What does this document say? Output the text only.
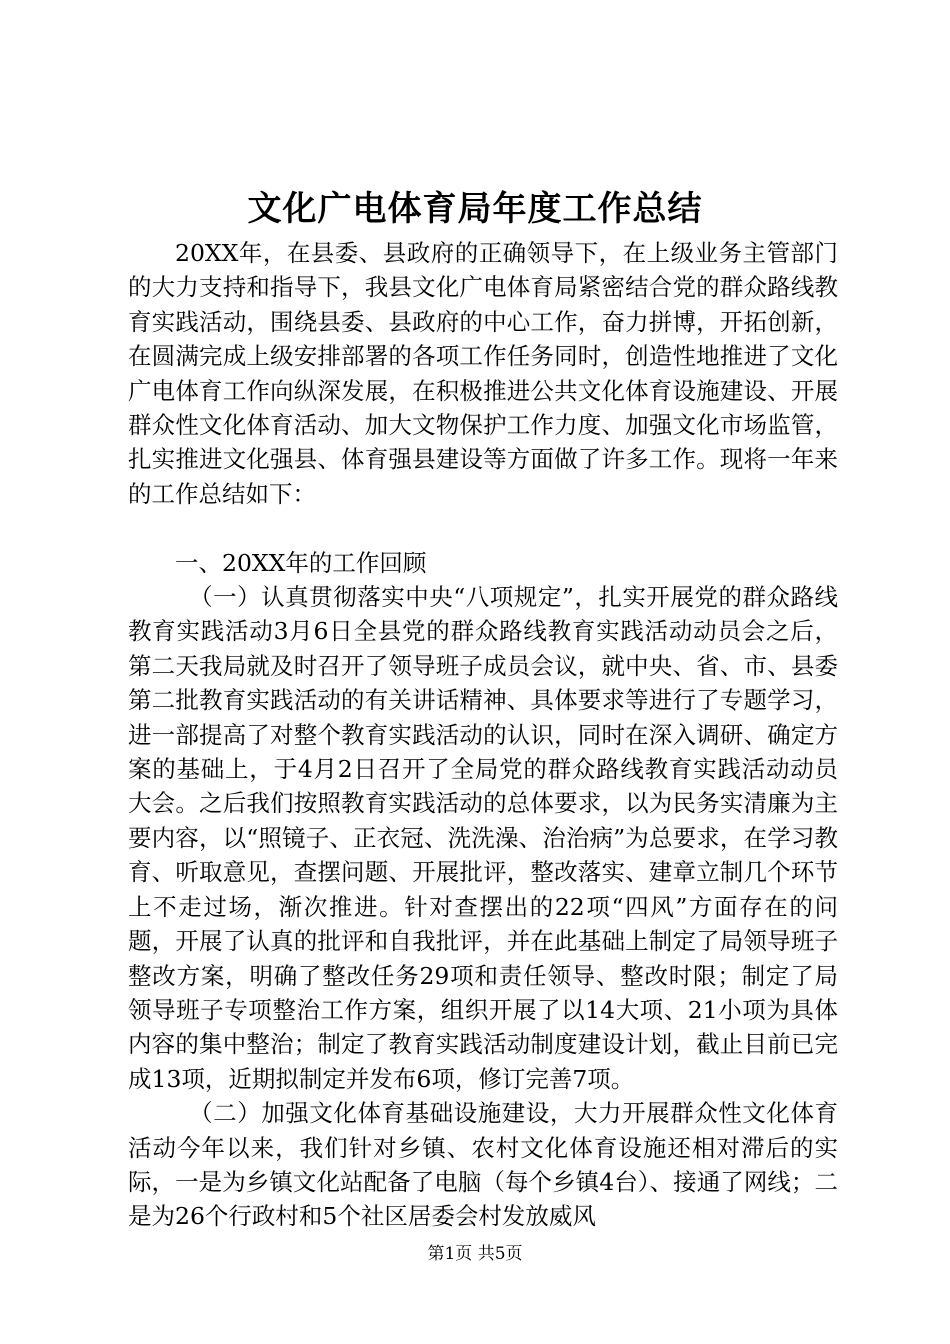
文化广电体育局年度工作总结

20XX年，在县委、县政府的正确领导下，在上级业务主管部门的大力支持和指导下，我县文化广电体育局紧密结合党的群众路线教育实践活动，围绕县委、县政府的中心工作，奋力拼博，开拓创新，在圆满完成上级安排部署的各项工作任务同时，创造性地推进了文化广电体育工作向纵深发展，在积极推进公共文化体育设施建设、开展群众性文化体育活动、加大文物保护工作力度、加强文化市场监管，扎实推进文化强县、体育强县建设等方面做了许多工作。现将一年来的工作总结如下：

一、20XX年的工作回顾

（一）认真贯彻落实中央“八项规定”，扎实开展党的群众路线教育实践活动3月6日全县党的群众路线教育实践活动动员会之后，第二天我局就及时召开了领导班子成员会议，就中央、省、市、县委第二批教育实践活动的有关讲话精神、具体要求等进行了专题学习，进一部提高了对整个教育实践活动的认识，同时在深入调研、确定方案的基础上，于4月2日召开了全局党的群众路线教育实践活动动员大会。之后我们按照教育实践活动的总体要求，以为民务实清廉为主要内容，以“照镜子、正衣冠、洗洗澡、治治病”为总要求，在学习教育、听取意见，查摆问题、开展批评，整改落实、建章立制几个环节上不走过场，渐次推进。针对查摆出的22项“四风”方面存在的问题，开展了认真的批评和自我批评，并在此基础上制定了局领导班子整改方案，明确了整改任务29项和责任领导、整改时限；制定了局领导班子专项整治工作方案，组织开展了以14大项、21小项为具体内容的集中整治；制定了教育实践活动制度建设计划，截止目前已完成13项，近期拟制定并发布6项，修订完善7项。

（二）加强文化体育基础设施建设，大力开展群众性文化体育活动今年以来，我们针对乡镇、农村文化体育设施还相对滞后的实际，一是为乡镇文化站配备了电脑（每个乡镇4台）、接通了网线；二是为26个行政村和5个社区居委会村发放威风

第1页 共5页
